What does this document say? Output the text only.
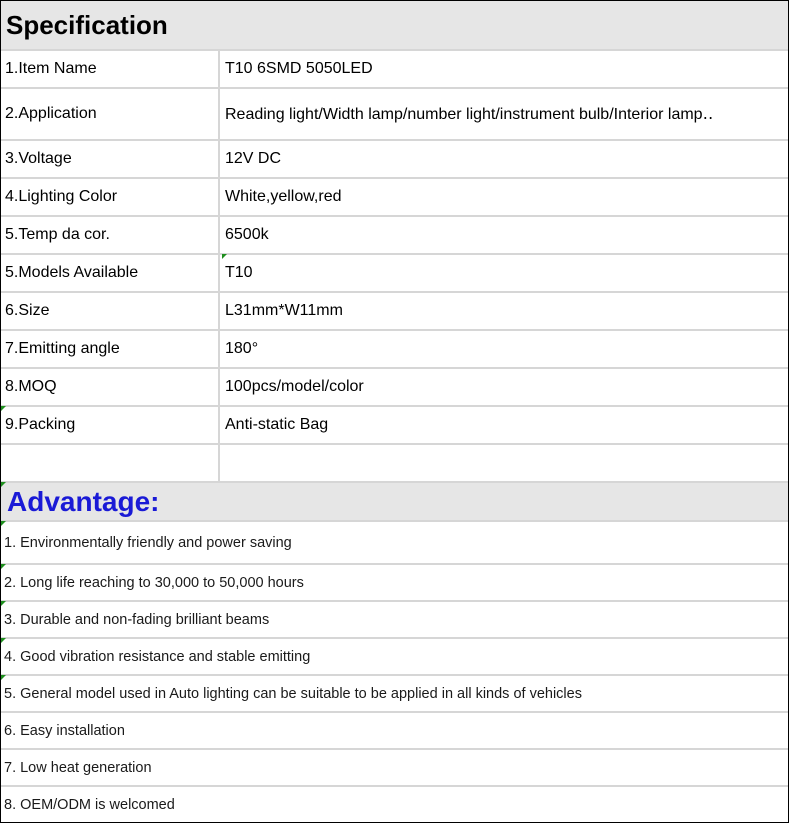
Specification
1.Item Name	T10 6SMD 5050LED
2.Application	Reading light/Width lamp/number light/instrument bulb/Interior lamp‥
3.Voltage	12V DC
4.Lighting Color	White,yellow,red
5.Temp da cor.	6500k
5.Models Available	T10
6.Size	L31mm*W11mm
7.Emitting angle	180°
8.MOQ	100pcs/model/color
9.Packing	Anti-static Bag
Advantage:
1. Environmentally friendly and power saving
2. Long life reaching to 30,000 to 50,000 hours
3. Durable and non-fading brilliant beams
4. Good vibration resistance and stable emitting
5. General model used in Auto lighting can be suitable to be applied in all kinds of vehicles
6. Easy installation
7. Low heat generation
8. OEM/ODM is welcomed
